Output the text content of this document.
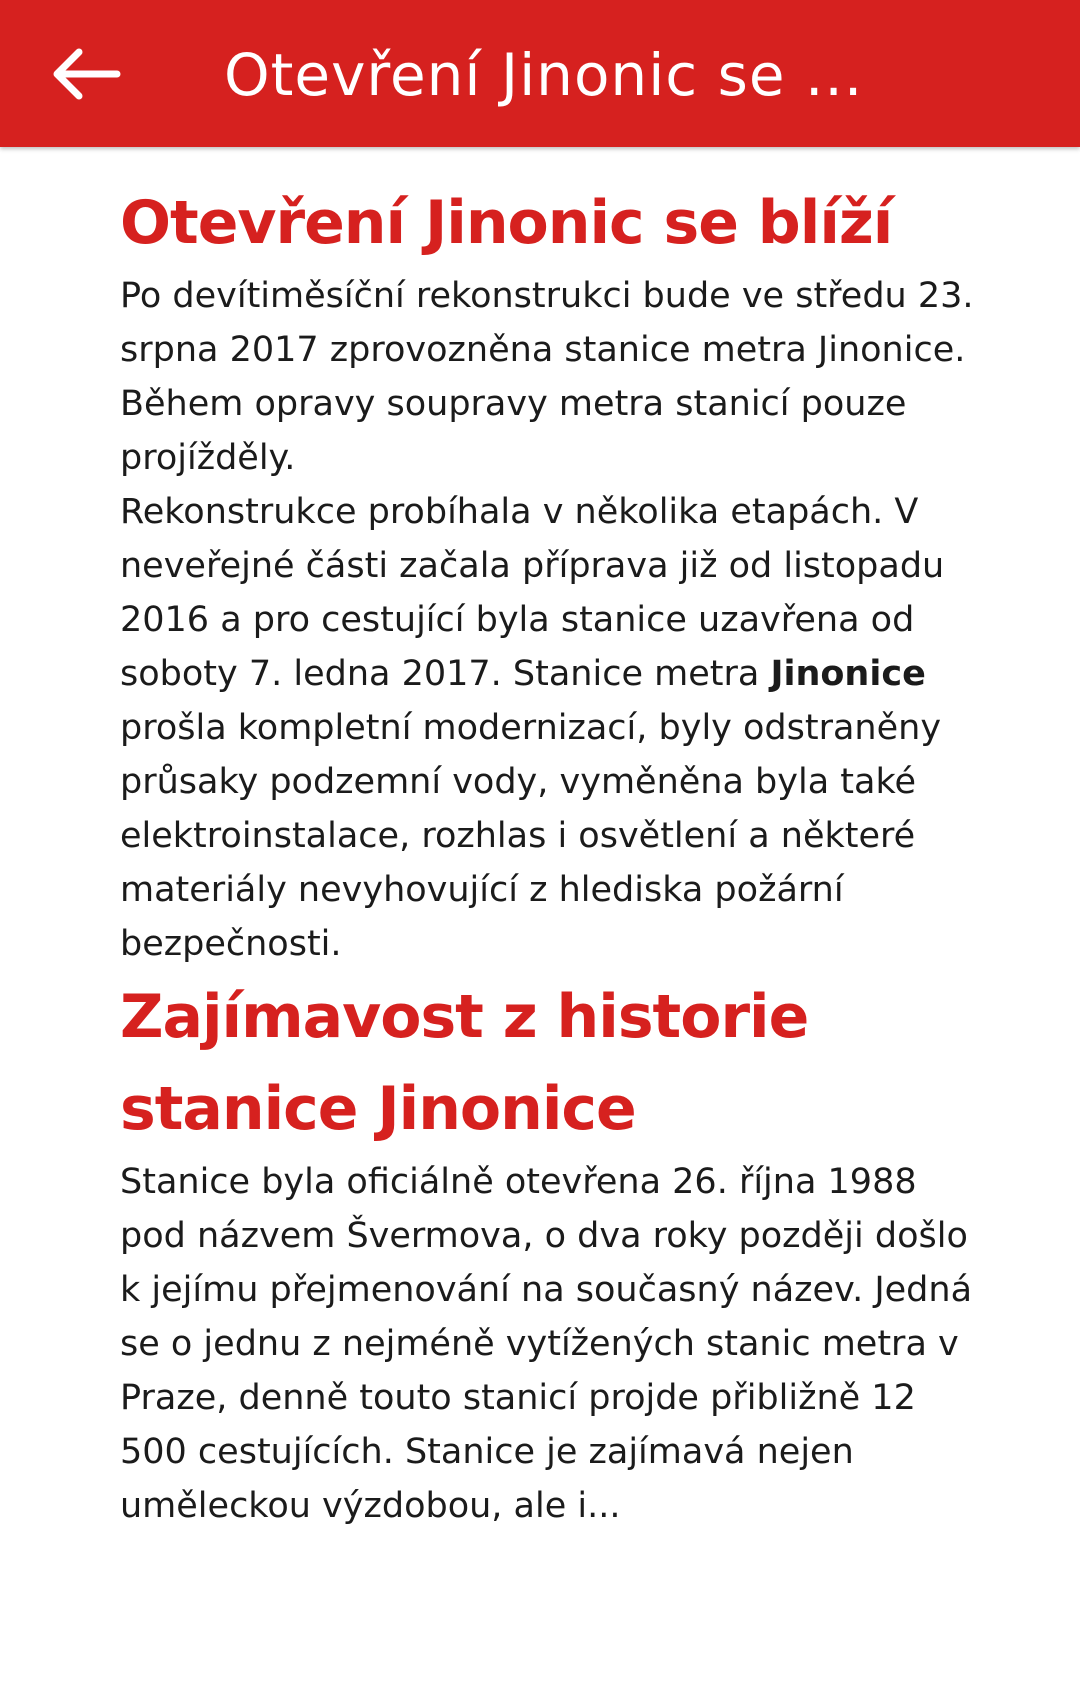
Otevření Jinonic se ...
Otevření Jinonic se blíží

Po devítiměsíční rekonstrukci bude ve středu 23. srpna 2017 zprovozněna stanice metra Jinonice. Během opravy soupravy metra stanicí pouze projížděly.

Rekonstrukce probíhala v několika etapách. V neveřejné části začala příprava již od listopadu 2016 a pro cestující byla stanice uzavřena od soboty 7. ledna 2017. Stanice metra Jinonice prošla kompletní modernizací, byly odstraněny průsaky podzemní vody, vyměněna byla také elektroinstalace, rozhlas i osvětlení a některé materiály nevyhovující z hlediska požární bezpečnosti.

Zajímavost z historie stanice Jinonice

Stanice byla oficiálně otevřena 26. října 1988 pod názvem Švermova, o dva roky později došlo k jejímu přejmenování na současný název. Jedná se o jednu z nejméně vytížených stanic metra v Praze, denně touto stanicí projde přibližně 12 500 cestujících. Stanice je zajímavá nejen uměleckou výzdobou, ale i...
